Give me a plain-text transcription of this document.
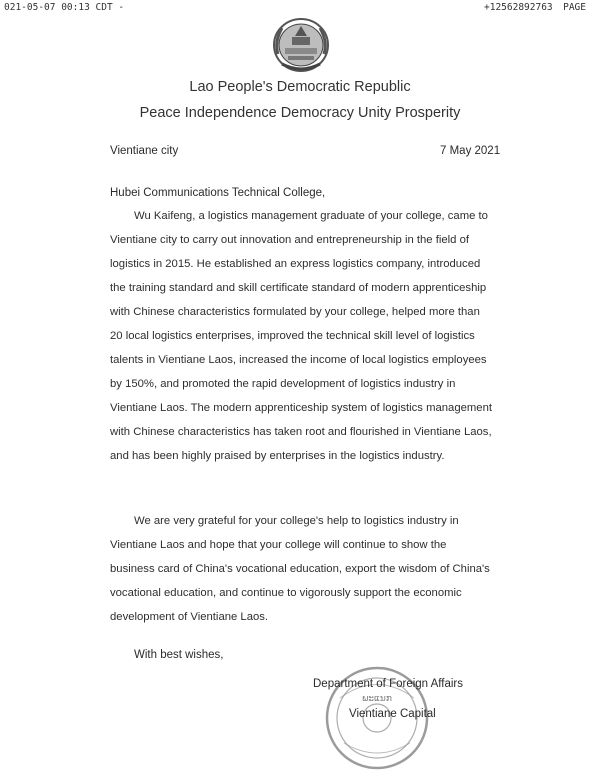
021-05-07 00:13 CDT -	+12562892763 PAGE
Lao People's Democratic Republic
Peace Independence Democracy Unity Prosperity
Vientiane city	7 May 2021
Hubei Communications Technical College,

Wu Kaifeng, a logistics management graduate of your college, came to Vientiane city to carry out innovation and entrepreneurship in the field of logistics in 2015. He established an express logistics company, introduced the training standard and skill certificate standard of modern apprenticeship with Chinese characteristics formulated by your college, helped more than 20 local logistics enterprises, improved the technical skill level of logistics talents in Vientiane Laos, increased the income of local logistics employees by 150%, and promoted the rapid development of logistics industry in Vientiane Laos. The modern apprenticeship system of logistics management with Chinese characteristics has taken root and flourished in Vientiane Laos, and has been highly praised by enterprises in the logistics industry.

We are very grateful for your college's help to logistics industry in Vientiane Laos and hope that your college will continue to show the business card of China's vocational education, export the wisdom of China's vocational education, and continue to vigorously support the economic development of Vientiane Laos.

With best wishes,
ພະແນກ
Department of Foreign Affairs
Vientiane Capital
